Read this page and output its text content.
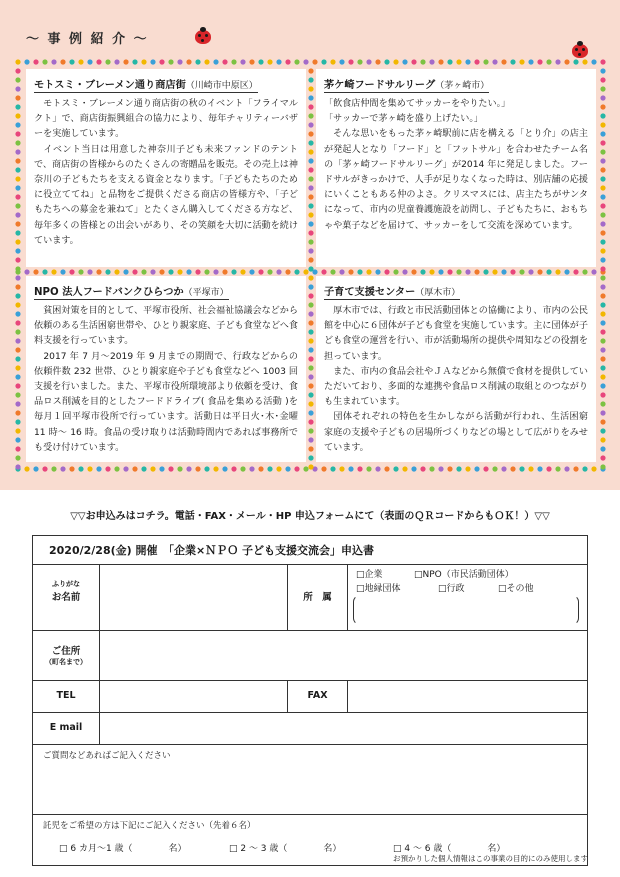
〜 事 例 紹 介 〜
モトスミ・ブレーメン通り商店街（川崎市中原区）
　モトスミ・ブレーメン通り商店街の秋のイベント「フライマルクト」で、商店街振興組合の協力により、毎年チャリティーバザーを実施しています。
　イベント当日は用意した神奈川子ども未来ファンドのテントで、商店街の皆様からのたくさんの寄贈品を販売。その売上は神奈川の子どもたちを支える資金となります。「子どもたちのために役立ててね」と品物をご提供くださる商店の皆様方や、「子どもたちへの募金を兼ねて」とたくさん購入してくださる方など、毎年多くの皆様との出会いがあり、その笑顔を大切に活動を続けています。
茅ケ崎フードサルリーグ（茅ヶ崎市）
「飲食店仲間を集めてサッカーをやりたい。」
「サッカーで茅ヶ崎を盛り上げたい。」
　そんな思いをもった茅ヶ崎駅前に店を構える「とり介」の店主が発起人となり「フード」と「フットサル」を合わせたチーム名の「茅ヶ崎フードサルリーグ」が2014 年に発足しました。フードサルがきっかけで、人手が足りなくなった時は、別店舗の応援にいくこともある仲のよさ。クリスマスには、店主たちがサンタになって、市内の児童養護施設を訪問し、子どもたちに、おもちゃや菓子などを届けて、サッカーをして交流を深めています。
NPO 法人フードバンクひらつか（平塚市）
　貧困対策を目的として、平塚市役所、社会福祉協議会などから依頼のある生活困窮世帯や、ひとり親家庭、子ども食堂などへ食料支援を行っています。
　2017 年 7 月〜2019 年 9 月までの期間で、行政などからの依頼件数 232 世帯、ひとり親家庭や子ども食堂などへ 1003 回支援を行いました。また、平塚市役所環境部より依頼を受け、食品ロス削減を目的としたフードドライブ( 食品を集める活動 )を毎月１回平塚市役所で行っています。活動日は平日火･木･金曜 11 時〜 16 時。食品の受け取りは活動時間内であれば事務所でも受け付けています。
子育て支援センター（厚木市）
　厚木市では、行政と市民活動団体との協働により、市内の公民館を中心に６団体が子ども食堂を実施しています。主に団体が子ども食堂の運営を行い、市が活動場所の提供や周知などの役割を担っています。
　また、市内の食品会社やＪＡなどから無償で食材を提供していただいており、多面的な連携や食品ロス削減の取組とのつながりも生まれています。
　団体それぞれの特色を生かしながら活動が行われ、生活困窮家庭の支援や子どもの居場所づくりなどの場として広がりをみせています。
▽▽お申込みはコチラ。電話・FAX・メール・HP 申込フォームにて（表面のＱＲコードからもＯＫ！）▽▽
2020/2/28(金) 開催　「企業×ＮＰＯ 子ども支援交流会」申込書
ふりがな
お名前	所　属
□企業	□NPO（市民活動団体）
□地縁団体	□行政	□その他
ご住所
（町名まで）
TEL	FAX
E mail
ご質問などあればご記入ください
託児をご希望の方は下記にご記入ください（先着６名）
□ 6 カ月〜1 歳（　　　　名）	□ 2 〜 3 歳（　　　　名）	□ 4 〜 6 歳（　　　　名）
お預かりした個人情報はこの事業の目的にのみ使用します
